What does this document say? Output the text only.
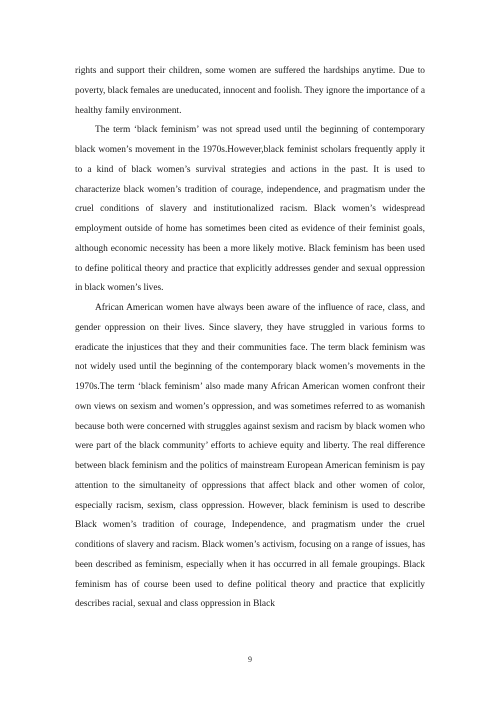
rights and support their children, some women are suffered the hardships anytime. Due to poverty, black females are uneducated, innocent and foolish. They ignore the importance of a healthy family environment.

The term ‘black feminism’ was not spread used until the beginning of contemporary black women’s movement in the 1970s.However,black feminist scholars frequently apply it to a kind of black women’s survival strategies and actions in the past. It is used to characterize black women’s tradition of courage, independence, and pragmatism under the cruel conditions of slavery and institutionalized racism. Black women’s widespread employment outside of home has sometimes been cited as evidence of their feminist goals, although economic necessity has been a more likely motive. Black feminism has been used to define political theory and practice that explicitly addresses gender and sexual oppression in black women’s lives.

African American women have always been aware of the influence of race, class, and gender oppression on their lives. Since slavery, they have struggled in various forms to eradicate the injustices that they and their communities face. The term black feminism was not widely used until the beginning of the contemporary black women’s movements in the 1970s.The term ‘black feminism’ also made many African American women confront their own views on sexism and women’s oppression, and was sometimes referred to as womanish because both were concerned with struggles against sexism and racism by black women who were part of the black community’ efforts to achieve equity and liberty. The real difference between black feminism and the politics of mainstream European American feminism is pay attention to the simultaneity of oppressions that affect black and other women of color, especially racism, sexism, class oppression. However, black feminism is used to describe Black women’s tradition of courage, Independence, and pragmatism under the cruel conditions of slavery and racism. Black women’s activism, focusing on a range of issues, has been described as feminism, especially when it has occurred in all female groupings. Black feminism has of course been used to define political theory and practice that explicitly describes racial, sexual and class oppression in Black

9
